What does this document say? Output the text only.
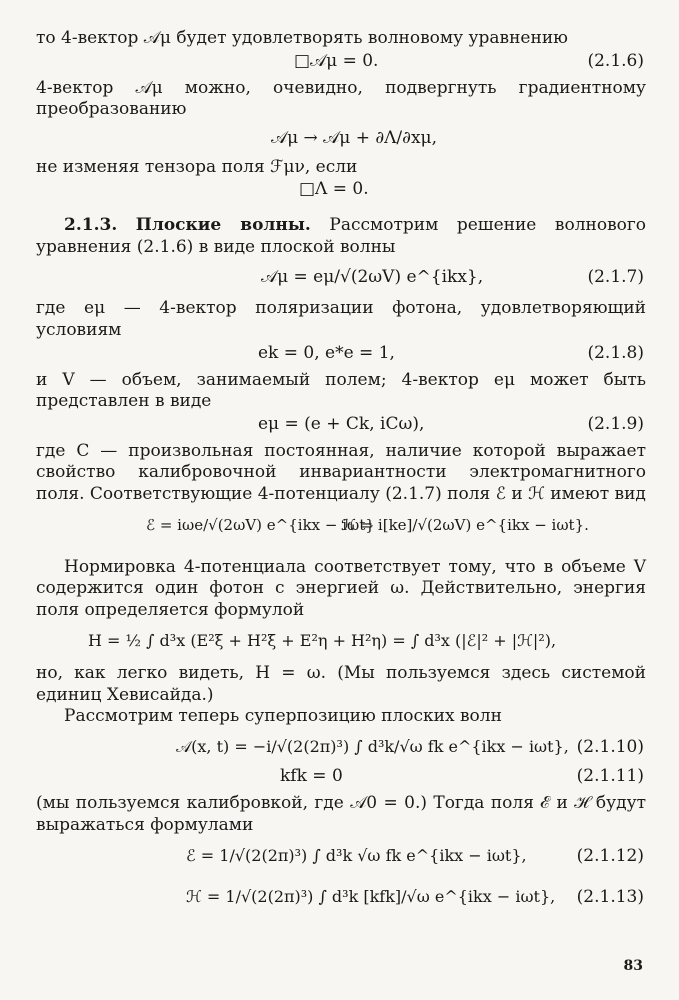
то 4-вектор 𝒜μ будет удовлетворять волновому уравнению

□𝒜μ = 0.	(2.1.6)

4-вектор 𝒜μ можно, очевидно, подвергнуть градиентному преобразованию

𝒜μ → 𝒜μ + ∂Λ/∂xμ,

не изменяя тензора поля ℱμν, если

□Λ = 0.

2.1.3. Плоские волны. Рассмотрим решение волнового уравнения (2.1.6) в виде плоской волны

𝒜μ = eμ/√(2ωV) e^{ikx},	(2.1.7)

где eμ — 4-вектор поляризации фотона, удовлетворяющий условиям

ek = 0, e*e = 1,	(2.1.8)

и V — объем, занимаемый полем; 4-вектор eμ может быть представлен в виде

eμ = (e + Ck, iCω),	(2.1.9)

где C — произвольная постоянная, наличие которой выражает свойство калибровочной инвариантности электромагнитного поля. Соответствующие 4-потенциалу (2.1.7) поля ℰ и ℋ имеют вид

ℰ = iωe/√(2ωV) e^{ikx − iωt}
ℋ = i[ke]/√(2ωV) e^{ikx − iωt}.

Нормировка 4-потенциала соответствует тому, что в объеме V содержится один фотон с энергией ω. Действительно, энергия поля определяется формулой

H = ½ ∫ d³x (E²ξ + H²ξ + E²η + H²η) = ∫ d³x (|ℰ|² + |ℋ|²),

но, как легко видеть, H = ω. (Мы пользуемся здесь системой единиц Хевисайда.)

Рассмотрим теперь суперпозицию плоских волн

𝒜(x, t) = −i/√(2(2π)³) ∫ d³k/√ω fk e^{ikx − iωt}, (2.1.10)
kfk = 0	(2.1.11)

(мы пользуемся калибровкой, где 𝒜0 = 0.) Тогда поля ℰ и ℋ будут выражаться формулами

ℰ = 1/√(2(2π)³) ∫ d³k √ω fk e^{ikx − iωt},	(2.1.12)
ℋ = 1/√(2(2π)³) ∫ d³k [kfk]/√ω e^{ikx − iωt}, (2.1.13)
83
